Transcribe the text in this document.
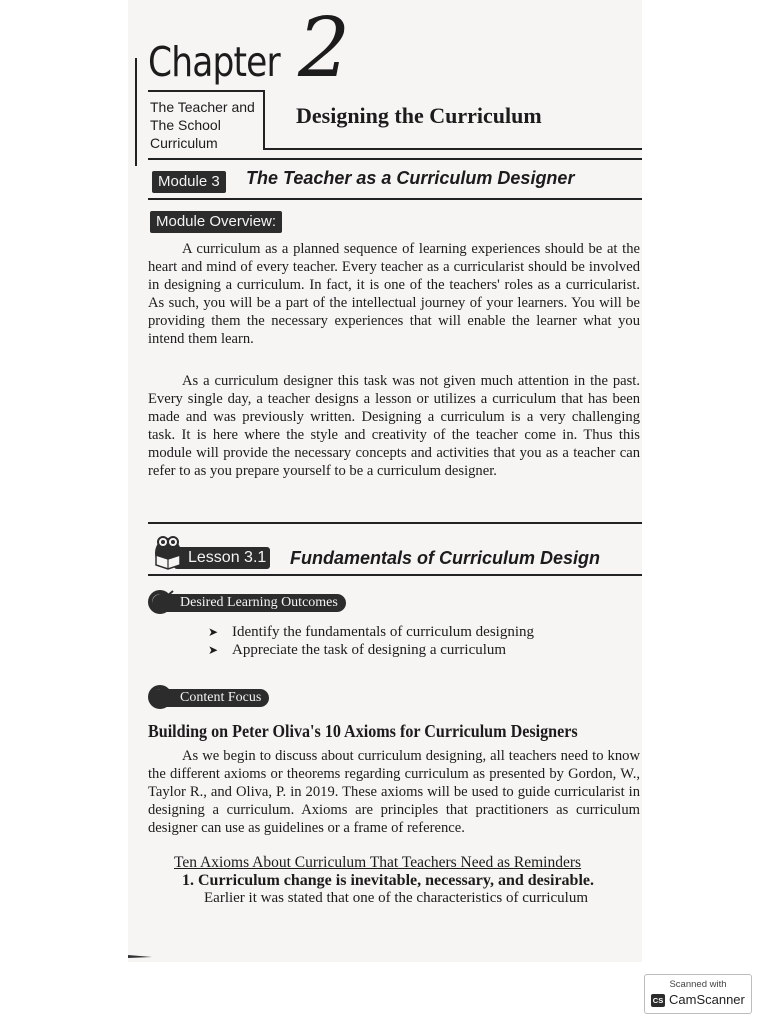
Chapter 2
The Teacher and The School Curriculum
Designing the Curriculum
Module 3	The Teacher as a Curriculum Designer
Module Overview:
A curriculum as a planned sequence of learning experiences should be at the heart and mind of every teacher. Every teacher as a curricularist should be involved in designing a curriculum. In fact, it is one of the teachers' roles as a curricularist. As such, you will be a part of the intellectual journey of your learners. You will be providing them the necessary experiences that will enable the learner what you intend them learn.
As a curriculum designer this task was not given much attention in the past. Every single day, a teacher designs a lesson or utilizes a curriculum that has been made and was previously written. Designing a curriculum is a very challenging task. It is here where the style and creativity of the teacher come in. Thus this module will provide the necessary concepts and activities that you as a teacher can refer to as you prepare yourself to be a curriculum designer.
Lesson 3.1 Fundamentals of Curriculum Design
Desired Learning Outcomes
➤ Identify the fundamentals of curriculum designing
➤ Appreciate the task of designing a curriculum
Content Focus
Building on Peter Oliva's 10 Axioms for Curriculum Designers
As we begin to discuss about curriculum designing, all teachers need to know the different axioms or theorems regarding curriculum as presented by Gordon, W., Taylor R., and Oliva, P. in 2019. These axioms will be used to guide curricularist in designing a curriculum. Axioms are principles that practitioners as curriculum designer can use as guidelines or a frame of reference.
Ten Axioms About Curriculum That Teachers Need as Reminders
1. Curriculum change is inevitable, necessary, and desirable.
Earlier it was stated that one of the characteristics of curriculum
Scanned with
CS CamScanner
